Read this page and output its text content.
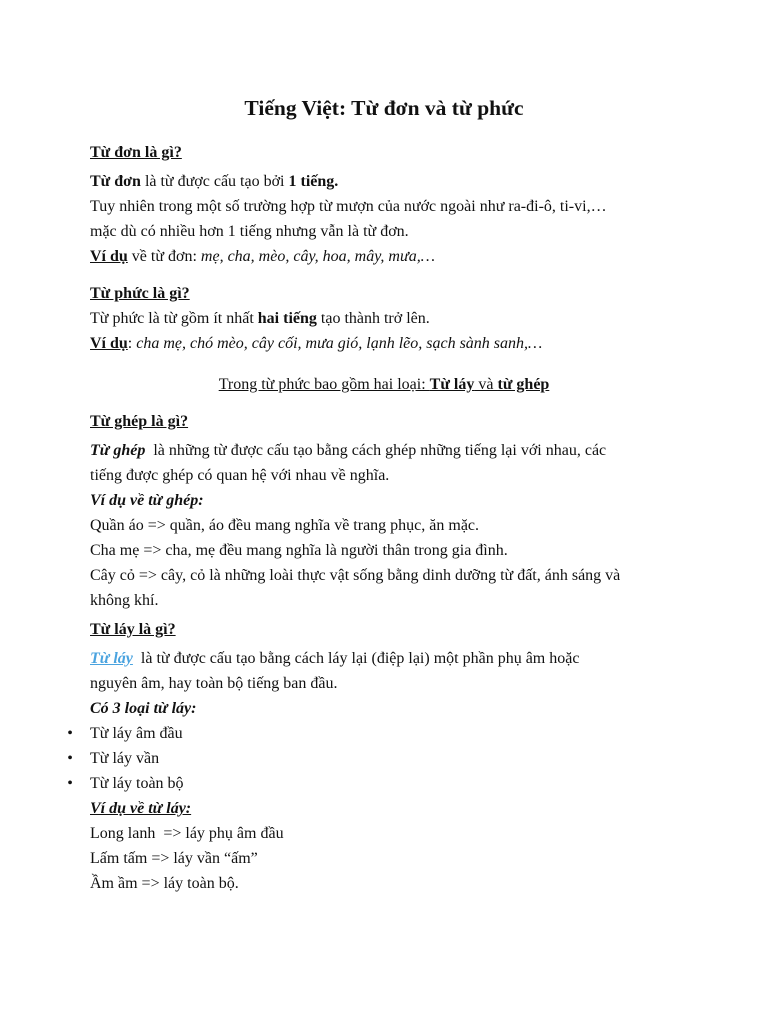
Tiếng Việt: Từ đơn và từ phức

Từ đơn là gì?

Từ đơn là từ được cấu tạo bởi 1 tiếng.

Tuy nhiên trong một số trường hợp từ mượn của nước ngoài như ra-đi-ô, ti-vi,…

mặc dù có nhiều hơn 1 tiếng nhưng vẫn là từ đơn.

Ví dụ về từ đơn: mẹ, cha, mèo, cây, hoa, mây, mưa,…

Từ phức là gì?

Từ phức là từ gồm ít nhất hai tiếng tạo thành trở lên.

Ví dụ: cha mẹ, chó mèo, cây cối, mưa gió, lạnh lẽo, sạch sành sanh,…

Trong từ phức bao gồm hai loại: Từ láy và từ ghép

Từ ghép là gì?

Từ ghép  là những từ được cấu tạo bằng cách ghép những tiếng lại với nhau, các

tiếng được ghép có quan hệ với nhau về nghĩa.

Ví dụ về từ ghép:

Quần áo => quần, áo đều mang nghĩa về trang phục, ăn mặc.

Cha mẹ => cha, mẹ đều mang nghĩa là người thân trong gia đình.

Cây cỏ => cây, cỏ là những loài thực vật sống bằng dinh dưỡng từ đất, ánh sáng và

không khí.

Từ láy là gì?

Từ láy  là từ được cấu tạo bằng cách láy lại (điệp lại) một phần phụ âm hoặc

nguyên âm, hay toàn bộ tiếng ban đầu.

Có 3 loại từ láy:

• Từ láy âm đầu
• Từ láy vần
• Từ láy toàn bộ

Ví dụ về từ láy:

Long lanh  => láy phụ âm đầu

Lấm tấm => láy vần “ấm”

Ầm ầm => láy toàn bộ.
